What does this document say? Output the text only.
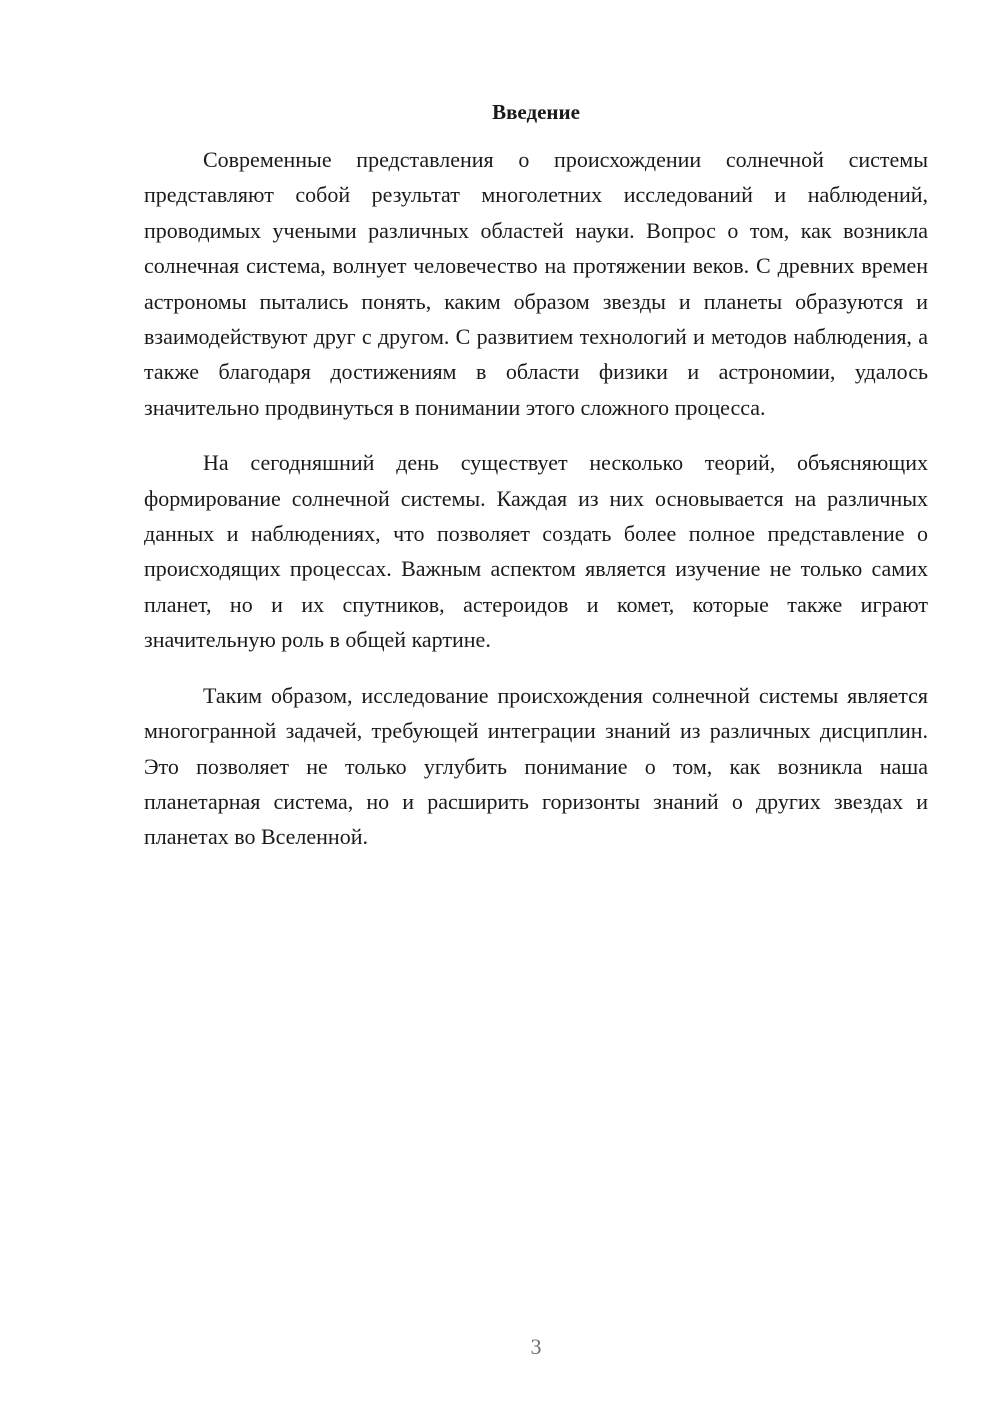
Введение

Современные представления о происхождении солнечной системы представляют собой результат многолетних исследований и наблюдений, проводимых учеными различных областей науки. Вопрос о том, как возникла солнечная система, волнует человечество на протяжении веков. С древних времен астрономы пытались понять, каким образом звезды и планеты образуются и взаимодействуют друг с другом. С развитием технологий и методов наблюдения, а также благодаря достижениям в области физики и астрономии, удалось значительно продвинуться в понимании этого сложного процесса.

На сегодняшний день существует несколько теорий, объясняющих формирование солнечной системы. Каждая из них основывается на различных данных и наблюдениях, что позволяет создать более полное представление о происходящих процессах. Важным аспектом является изучение не только самих планет, но и их спутников, астероидов и комет, которые также играют значительную роль в общей картине.

Таким образом, исследование происхождения солнечной системы является многогранной задачей, требующей интеграции знаний из различных дисциплин. Это позволяет не только углубить понимание о том, как возникла наша планетарная система, но и расширить горизонты знаний о других звездах и планетах во Вселенной.

3
